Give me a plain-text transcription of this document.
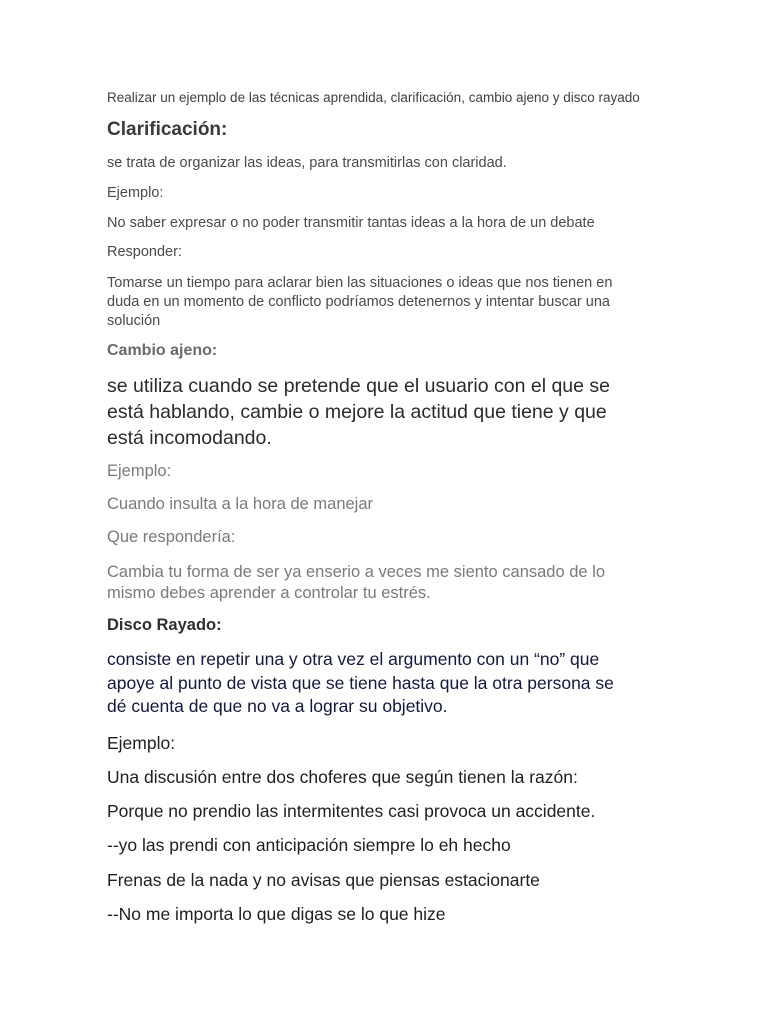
Realizar un ejemplo de las técnicas aprendida, clarificación, cambio ajeno y disco rayado

Clarificación:

se trata de organizar las ideas, para transmitirlas con claridad.

Ejemplo:

No saber expresar o no poder transmitir tantas ideas a la hora de un debate

Responder:

Tomarse un tiempo para aclarar bien las situaciones o ideas que nos tienen en
duda en un momento de conflicto podríamos detenernos y intentar buscar una
solución

Cambio ajeno:

se utiliza cuando se pretende que el usuario con el que se
está hablando, cambie o mejore la actitud que tiene y que
está incomodando.

Ejemplo:

Cuando insulta a la hora de manejar

Que respondería:

Cambia tu forma de ser ya enserio a veces me siento cansado de lo
mismo debes aprender a controlar tu estrés.

Disco Rayado:

consiste en repetir una y otra vez el argumento con un “no” que
apoye al punto de vista que se tiene hasta que la otra persona se
dé cuenta de que no va a lograr su objetivo.

Ejemplo:

Una discusión entre dos choferes que según tienen la razón:

Porque no prendio las intermitentes casi provoca un accidente.

--yo las prendi con anticipación siempre lo eh hecho

Frenas de la nada y no avisas que piensas estacionarte

--No me importa lo que digas se lo que hize
